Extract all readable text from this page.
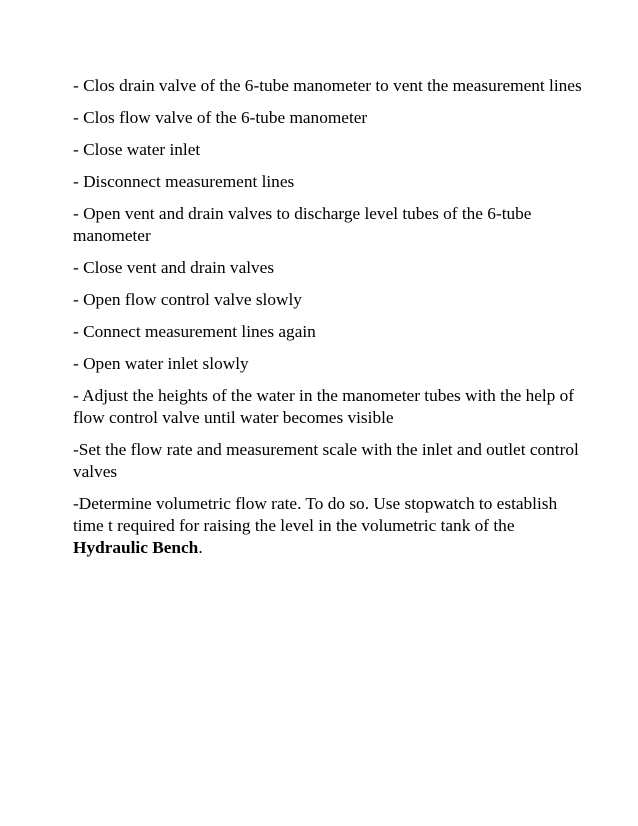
- Clos drain valve of the 6-tube manometer to vent the measurement lines
- Clos flow valve of the 6-tube manometer
- Close water inlet
- Disconnect measurement lines
- Open vent and drain valves to discharge level tubes of the 6-tube manometer
- Close vent and drain valves
- Open flow control valve slowly
- Connect measurement lines again
- Open water inlet slowly
- Adjust the heights of the water in the manometer tubes with the help of flow control valve until water becomes visible
-Set the flow rate and measurement scale with the inlet and outlet control valves
-Determine volumetric flow rate. To do so. Use stopwatch to establish time t required for raising the level in the volumetric tank of the Hydraulic Bench.
